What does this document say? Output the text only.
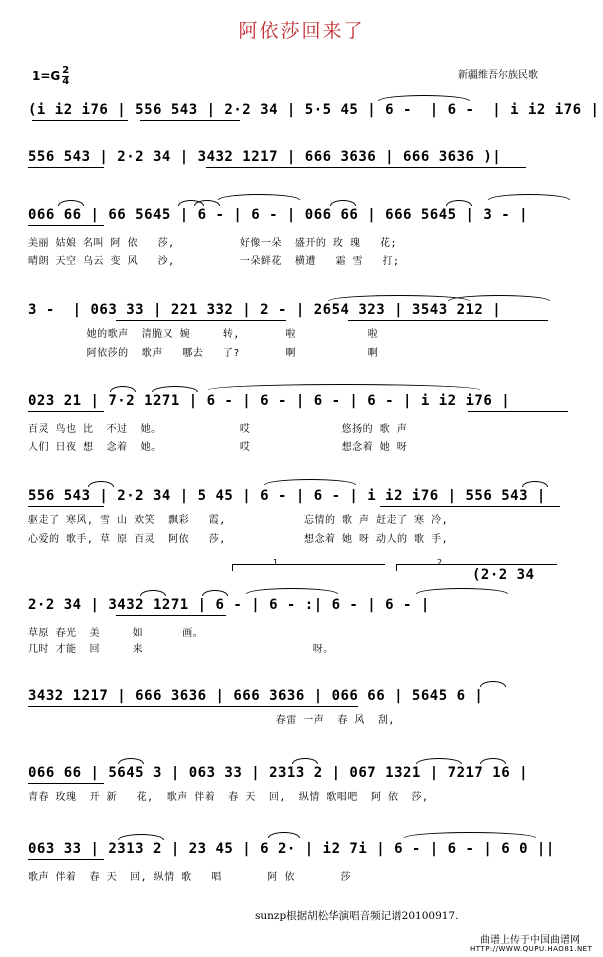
阿依莎回来了
$1=G \frac{2}{4}$	新疆维吾尔族民歌
(i i2 i76 | 556 543 | 2·2 34 | 5·5 45 | 6 -  | 6 -  | i i2 i76 |
556 543 | 2·2 34 | 3432 1217 | 666 3636 | 666 3636 )|
066 66 | 66 5645 | 6 - | 6 - | 066 66 | 666 5645 | 3 - |
美丽 姑娘 名叫 阿 依   莎,          好像一朵  盛开的 玫 瑰   花;
晴朗 天空 乌云 变 风   沙,          一朵鲜花  横遭   霜 雪   打;
3 -  | 063 33 | 221 332 | 2 - | 2654 323 | 3543 212 |
她的歌声  清脆又 婉     转,       啦           啦
阿依莎的  歌声   哪去   了?       啊           啊
023 21 | 7·2 1271 | 6 - | 6 - | 6 - | 6 - | i i2 i76 |
百灵 鸟也 比  不过  她。            哎              悠扬的 歌 声
人们 日夜 想  念着  她。            哎              想念着 她 呀
556 543 | 2·2 34 | 5 45 | 6 - | 6 - | i i2 i76 | 556 543 |
驱走了 寒风, 雪 山 欢笑  飘彩   霞,            忘情的 歌 声 赶走了 寒 冷,
心爱的 歌手, 草 原 百灵  阿依   莎,            想念着 她 呀 动人的 歌 手,
1	2
(2·2 34
2·2 34 | 3432 1271 | 6 - | 6 - :| 6 - | 6 - |
草原 春光  美     如      画。
几时 才能  回     来                          呀。
3432 1217 | 666 3636 | 666 3636 | 066 66 | 5645 6 |
春雷 一声  春 风  刮,
066 66 | 5645 3 | 063 33 | 2313 2 | 067 1321 | 7217 16 |
青春 玫瑰  开 新   花,  歌声 伴着  春 天  回,  纵情 歌唱吧  阿 依  莎,
063 33 | 2313 2 | 23 45 | 6 2· | i2 7i | 6 - | 6 - | 6 0 ||
歌声 伴着  春 天  回, 纵情 歌   唱       阿 依       莎
sunzp根据胡松华演唱音频记谱20100917.
曲谱上传于中国曲谱网
HTTP://WWW.QUPU.HAO81.NET
